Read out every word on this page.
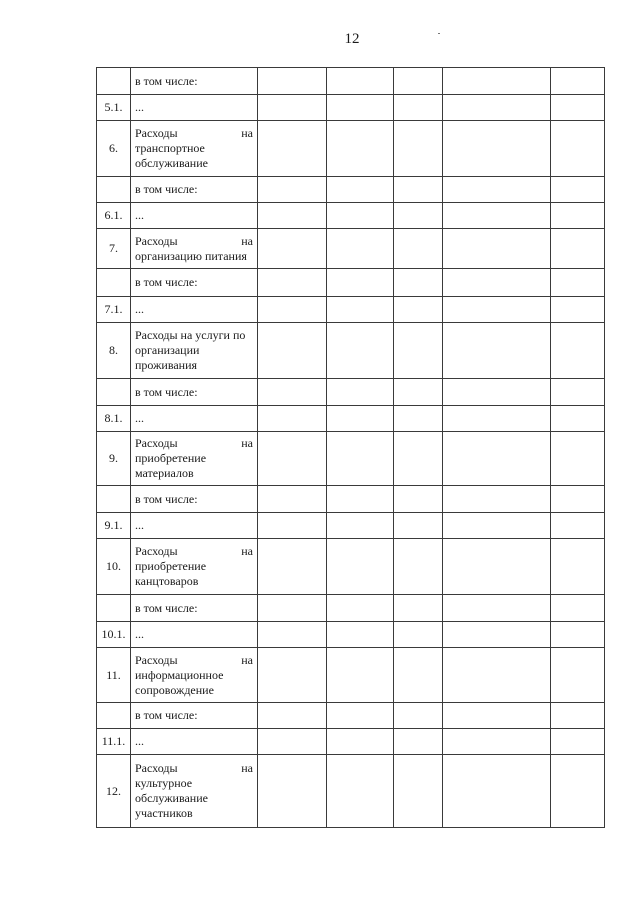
12

	в том числе:					

5.1.	...					

6.	Расходы на
транспортное
обслуживание					

	в том числе:					

6.1.	...					

7.	Расходы на
организацию питания					

	в том числе:					

7.1.	...					

8.	Расходы на услуги по
организации
проживания					

	в том числе:					

8.1.	...					

9.	Расходы на
приобретение
материалов					

	в том числе:					

9.1.	...					

10.	Расходы на
приобретение
канцтоваров					

	в том числе:					

10.1.	...					

11.	Расходы на
информационное
сопровождение					

	в том числе:					

11.1.	...					

12.	Расходы на
культурное
обслуживание
участников					
